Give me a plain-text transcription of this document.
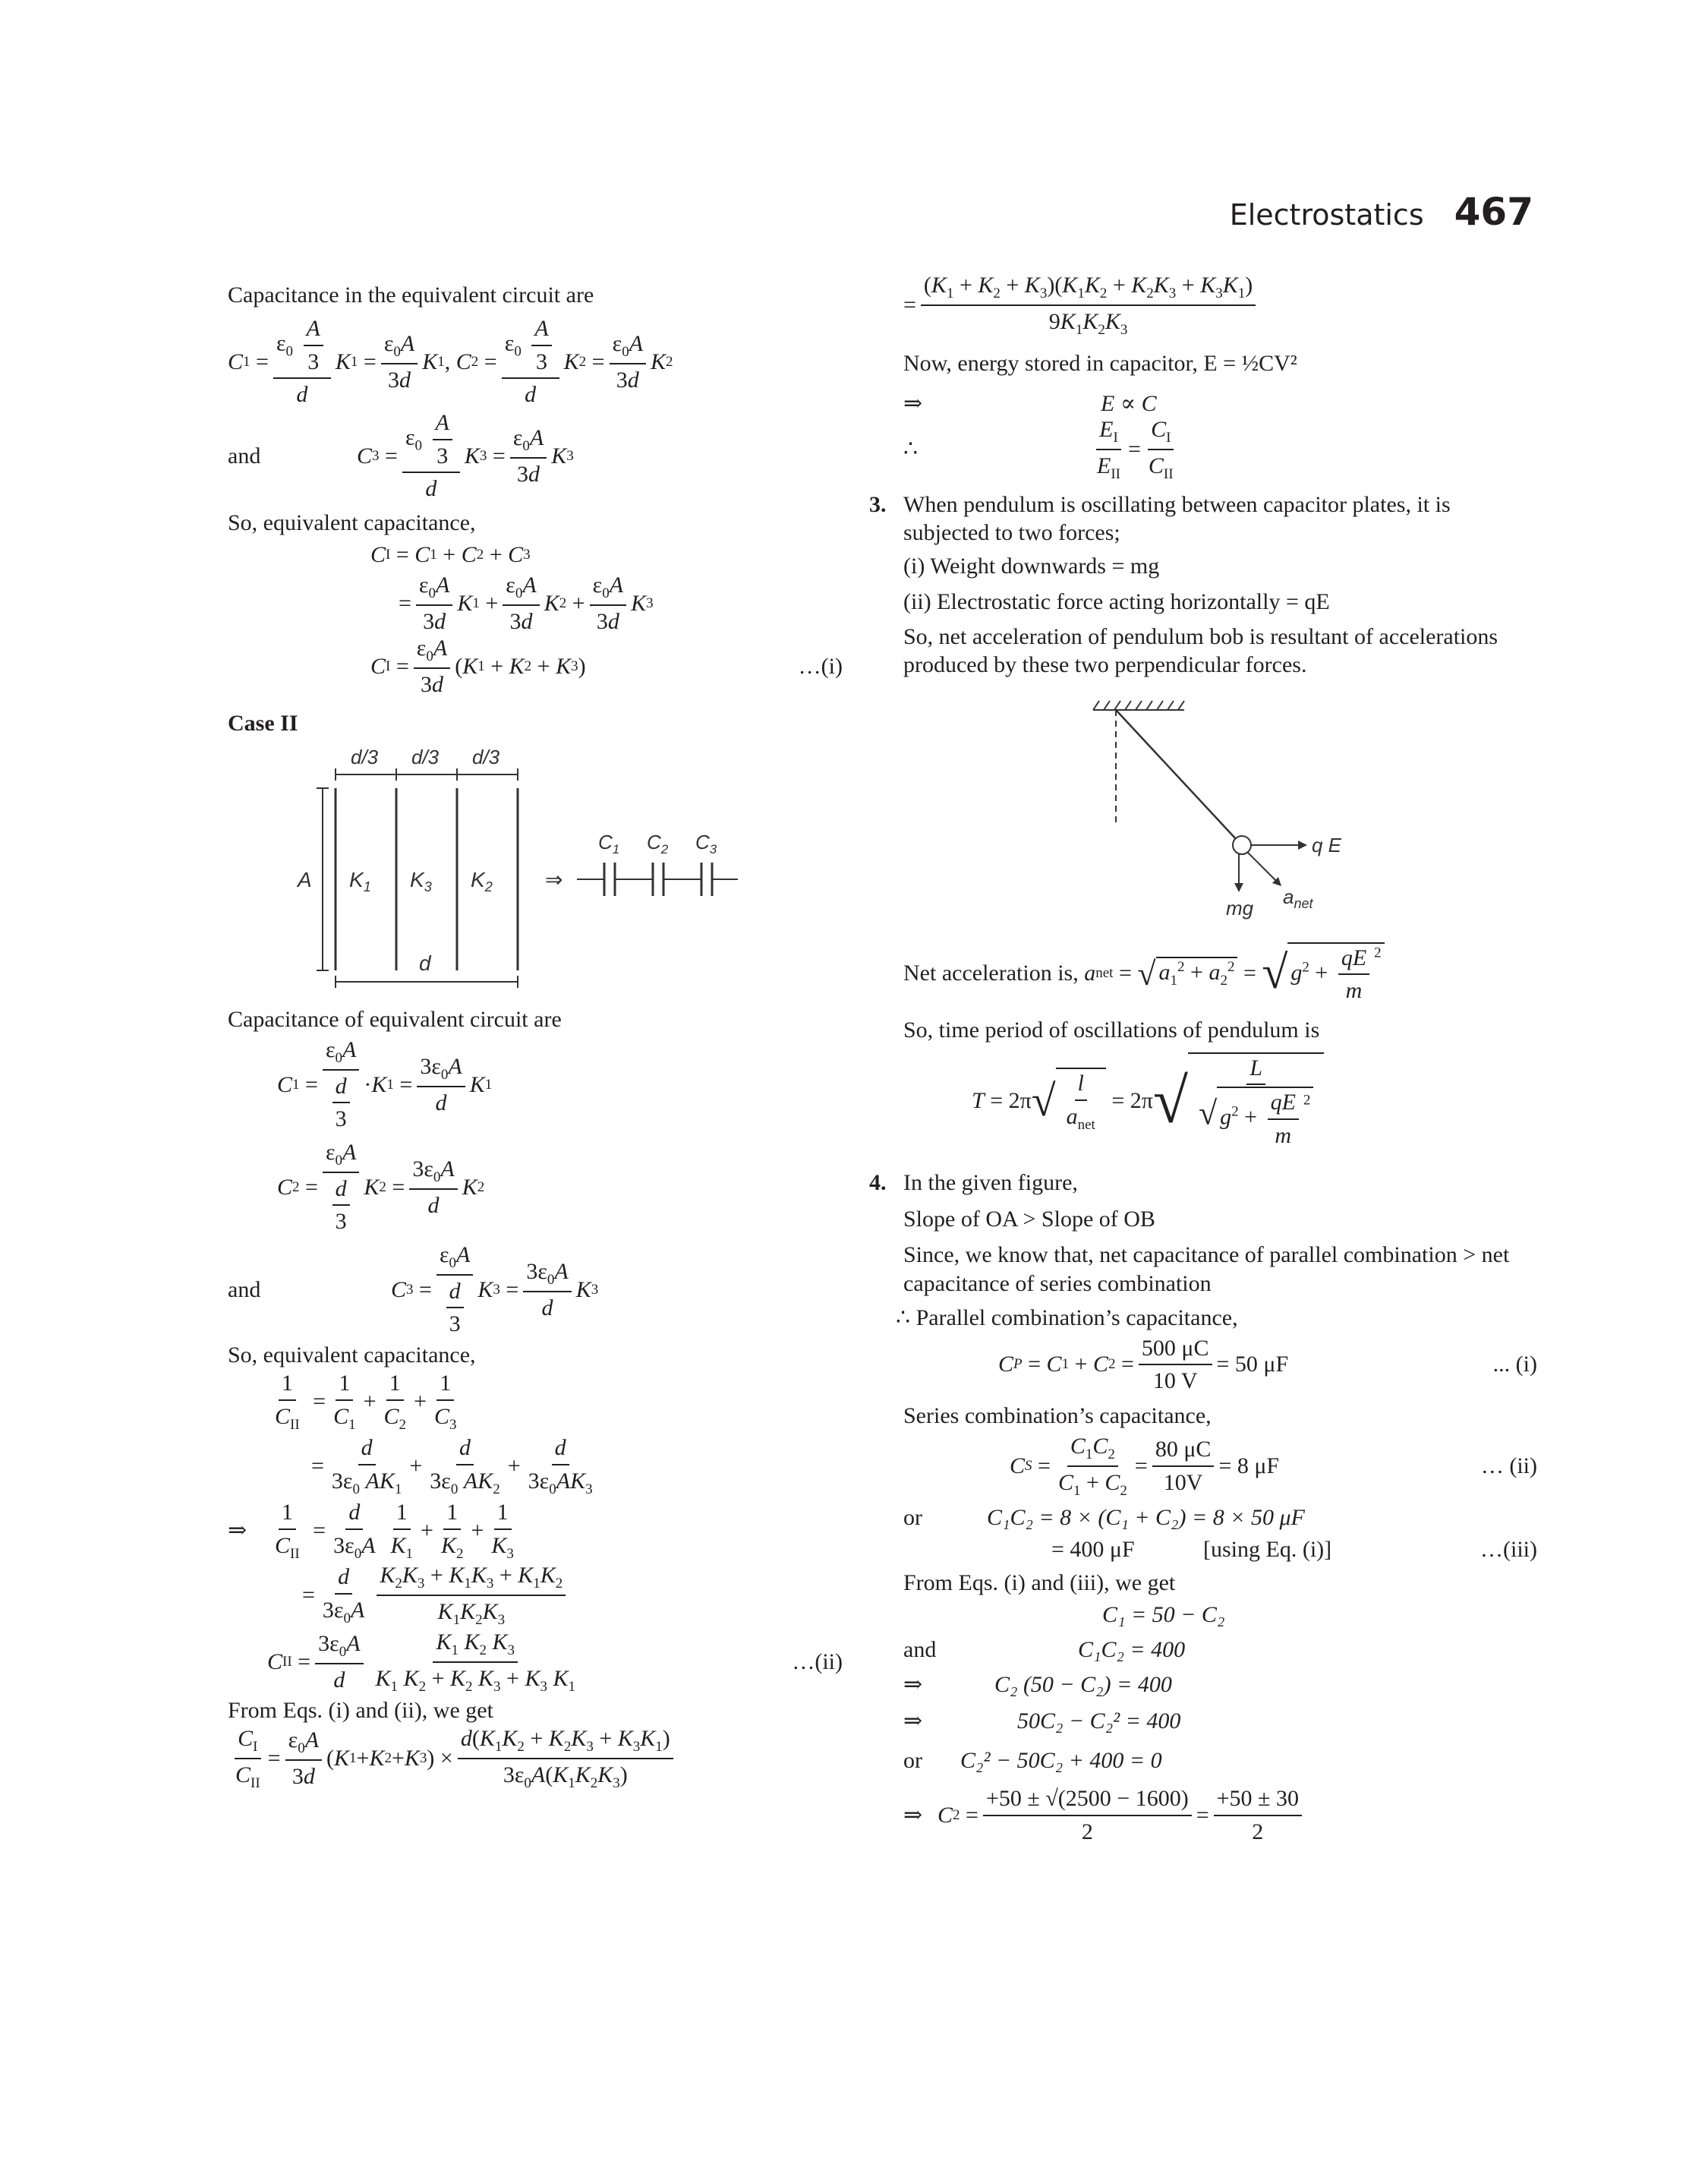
Electrostatics 467
Capacitance in the equivalent circuit are
C $1 = \frac{\varepsilon_0 \frac{A}{3}}{d}$ K $1 = \frac{\varepsilon_0A}{3d}$ K 1 , C $2 = \frac{\varepsilon_0 \frac{A}{3}}{d}$ K $2 = \frac{\varepsilon_0A}{3d}$ K 2
and	C $3 = \frac{\varepsilon_0 \frac{A}{3}}{d}$ K $3 = \frac{\varepsilon_0A}{3d}$ K 3
So, equivalent capacitance,
C I = C 1 + C 2 + C 3
= $\frac{\varepsilon_0A}{3d}$ K $1 + \frac{\varepsilon_0A}{3d}$ K $2 + \frac{\varepsilon_0A}{3d}$ K 3
C $I = \frac{\varepsilon_0A}{3d}$ ( K 1 + K 2 + K 3 )	…(i)
Case II
d/3 d/3 d/3
A $K_1$ $K_3$ $K_2$
d
⇒
$C_1$ $C_2$ $C_3$
Capacitance of equivalent circuit are
C $1 = \frac{\varepsilon_0A}{\frac{d}{3}} \cdot K$ $1 = \frac{3\varepsilon_0A}{d}$ K 1
C $2 = \frac{\varepsilon_0A}{\frac{d}{3}}$ K $2 = \frac{3\varepsilon_0A}{d}$ K 2
and	C $3 = \frac{\varepsilon_0A}{\frac{d}{3}}$ K $3 = \frac{3\varepsilon_0A}{d}$ K 3
So, equivalent capacitance,
$\frac{1}{C_{II}} = \frac{1}{C_1} + \frac{1}{C_2} + \frac{1}{C_3}$
= $\frac{d}{3\varepsilon_0 AK_1} + \frac{d}{3\varepsilon_0 AK_2} + \frac{d}{3\varepsilon_0AK_3}$
⇒	$\frac{1}{C_{II}} = \frac{d}{3\varepsilon_0A} \frac{1}{K_1} + \frac{1}{K_2} + \frac{1}{K_3}$
= $\frac{d}{3\varepsilon_0A} \frac{K_2K_3 + K_1K_3 + K_1K_2}{K_1K_2K_3}$
C II = $\frac{3\varepsilon_0A}{d} \frac{K_1 K_2 K_3}{K_1 K_2 + K_2 K_3 + K_3 K_1}$	…(ii)
From Eqs. (i) and (ii), we get
$\frac{C_I}{C_{II}} = \frac{\varepsilon_0A}{3d}$ ( K 1 + K 2 + K 3 ) × $\frac{d(K_1K_2 + K_2K_3 + K_3K_1)}{3\varepsilon_0A(K_1K_2K_3)}$
= $\frac{(K_1 + K_2 + K_3)(K_1K_2 + K_2K_3 + K_3K_1)}{9K_1K_2K_3}$
Now, energy stored in capacitor, E = ½CV²
⇒	E ∝ C
∴	$\frac{E_I}{E_{II}} = \frac{C_I}{C_{II}}$
3. When pendulum is oscillating between capacitor plates, it is subjected to two forces;
(i) Weight downwards = mg
(ii) Electrostatic force acting horizontally = qE
So, net acceleration of pendulum bob is resultant of accelerations produced by these two perpendicular forces.
q E
mg $a_{net}$
Net acceleration is,
a net = √ $a_1^2 + a_2^2$ = √ $g^2 + \frac{qE}{m} ^2$
So, time period of oscillations of pendulum is
T = 2π √ $\frac{l}{a_{net}} = 2\pi$ √ $\frac{L}{√ g^2 + \frac{qE}{m} ^2}$
4. In the given figure,
Slope of OA > Slope of OB
Since, we know that, net capacitance of parallel combination > net capacitance of series combination
∴ Parallel combination’s capacitance,
C P = C 1 + C $2 = \frac{500 \mu C}{10 V} = 50$ μF	... (i)
Series combination’s capacitance,
C $S = \frac{C_1C_2}{C_1 + C_2} = \frac{80 \mu C}{10V} = 8$ μF	… (ii)
or	C₁C₂ = 8 × (C₁ + C₂) = 8 × 50 μF
= 400 μF	[using Eq. (i)]	…(iii)
From Eqs. (i) and (iii), we get
C₁ = 50 − C₂
and	C₁C₂ = 400
⇒	C₂ (50 − C₂) = 400
⇒	50C₂ − C₂² = 400
or	C₂² − 50C₂ + 400 = 0
⇒ C $2 = \frac{+50 \pm √(2500 - 1600)}{2} = \frac{+50 \pm 30}{2}$
